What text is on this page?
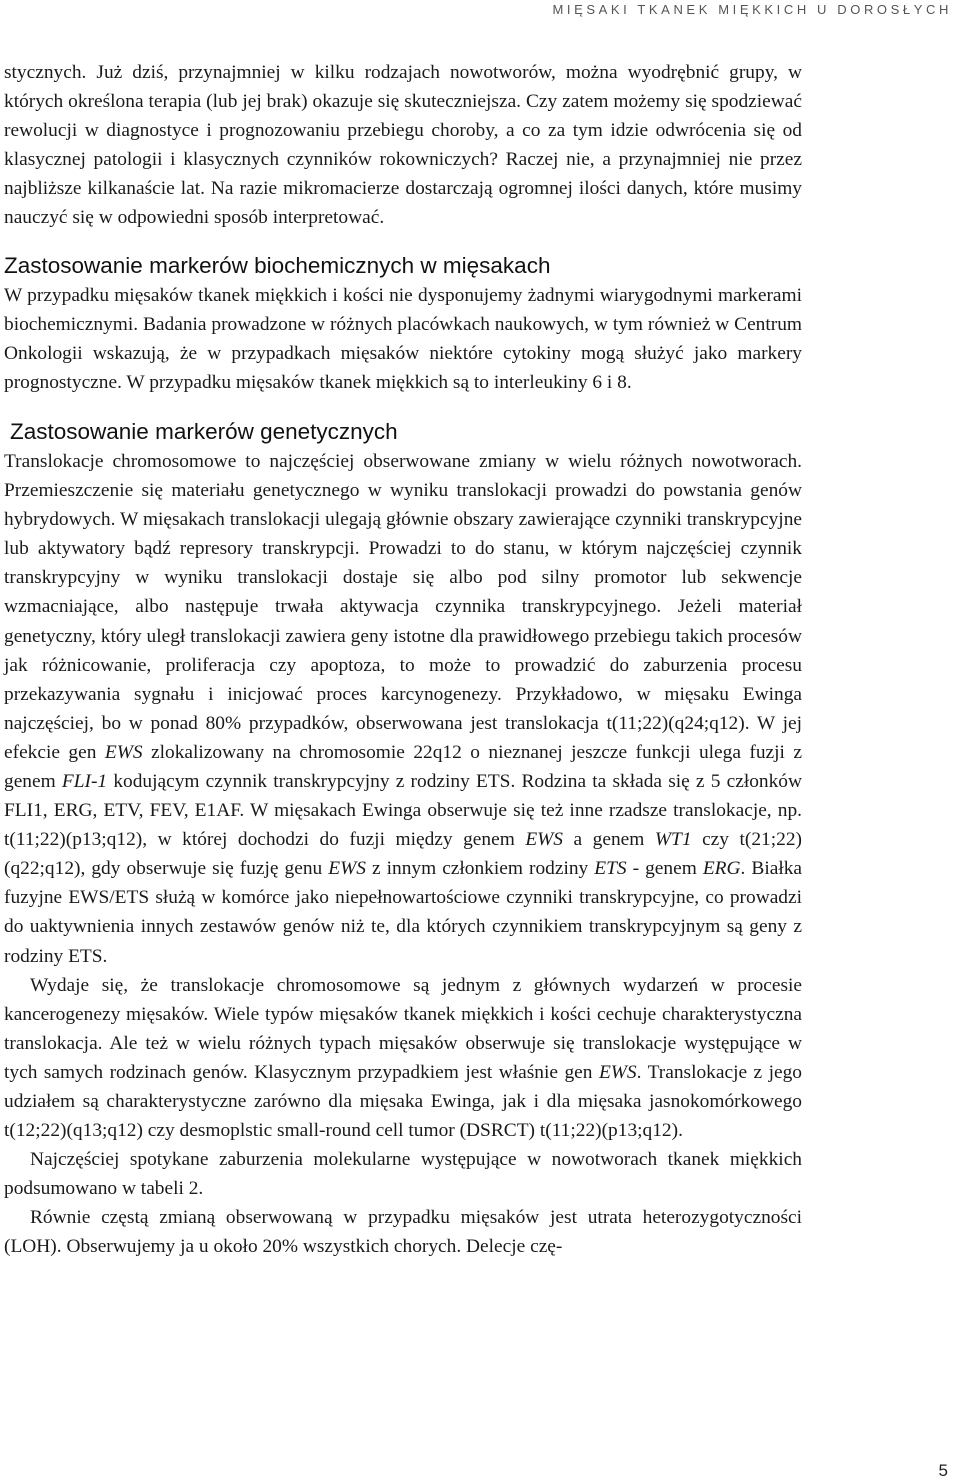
MIĘSAKI TKANEK MIĘKKICH U DOROSŁYCH

stycznych. Już dziś, przynajmniej w kilku rodzajach nowotworów, można wyodrębnić grupy, w których określona terapia (lub jej brak) okazuje się skuteczniejsza. Czy zatem możemy się spodziewać rewolucji w diagnostyce i prognozowaniu przebiegu choroby, a co za tym idzie odwrócenia się od klasycznej patologii i klasycznych czynników rokowniczych? Raczej nie, a przynajmniej nie przez najbliższe kilkanaście lat. Na razie mikromacierze dostarczają ogromnej ilości danych, które musimy nauczyć się w odpowiedni sposób interpretować.

Zastosowanie markerów biochemicznych w mięsakach

W przypadku mięsaków tkanek miękkich i kości nie dysponujemy żadnymi wiarygodnymi markerami biochemicznymi. Badania prowadzone w różnych placówkach naukowych, w tym również w Centrum Onkologii wskazują, że w przypadkach mięsaków niektóre cytokiny mogą służyć jako markery prognostyczne. W przypadku mięsaków tkanek miękkich są to interleukiny 6 i 8.

Zastosowanie markerów genetycznych

Translokacje chromosomowe to najczęściej obserwowane zmiany w wielu różnych nowotworach. Przemieszczenie się materiału genetycznego w wyniku translokacji prowadzi do powstania genów hybrydowych. W mięsakach translokacji ulegają głównie obszary zawierające czynniki transkrypcyjne lub aktywatory bądź represory transkrypcji. Prowadzi to do stanu, w którym najczęściej czynnik transkrypcyjny w wyniku translokacji dostaje się albo pod silny promotor lub sekwencje wzmacniające, albo następuje trwała aktywacja czynnika transkrypcyjnego. Jeżeli materiał genetyczny, który uległ translokacji zawiera geny istotne dla prawidłowego przebiegu takich procesów jak różnicowanie, proliferacja czy apoptoza, to może to prowadzić do zaburzenia procesu przekazywania sygnału i inicjować proces karcynogenezy. Przykładowo, w mięsaku Ewinga najczęściej, bo w ponad 80% przypadków, obserwowana jest translokacja t(11;22)(q24;q12). W jej efekcie gen EWS zlokalizowany na chromosomie 22q12 o nieznanej jeszcze funkcji ulega fuzji z genem FLI-1 kodującym czynnik transkrypcyjny z rodziny ETS. Rodzina ta składa się z 5 członków FLI1, ERG, ETV, FEV, E1AF. W mięsakach Ewinga obserwuje się też inne rzadsze translokacje, np. t(11;22)(p13;q12), w której dochodzi do fuzji między genem EWS a genem WT1 czy t(21;22)(q22;q12), gdy obserwuje się fuzję genu EWS z innym członkiem rodziny ETS - genem ERG. Białka fuzyjne EWS/ETS służą w komórce jako niepełnowartościowe czynniki transkrypcyjne, co prowadzi do uaktywnienia innych zestawów genów niż te, dla których czynnikiem transkrypcyjnym są geny z rodziny ETS.

Wydaje się, że translokacje chromosomowe są jednym z głównych wydarzeń w procesie kancerogenezy mięsaków. Wiele typów mięsaków tkanek miękkich i kości cechuje charakterystyczna translokacja. Ale też w wielu różnych typach mięsaków obserwuje się translokacje występujące w tych samych rodzinach genów. Klasycznym przypadkiem jest właśnie gen EWS. Translokacje z jego udziałem są charakterystyczne zarówno dla mięsaka Ewinga, jak i dla mięsaka jasnokomórkowego t(12;22)(q13;q12) czy desmoplstic small-round cell tumor (DSRCT) t(11;22)(p13;q12).

Najczęściej spotykane zaburzenia molekularne występujące w nowotworach tkanek miękkich podsumowano w tabeli 2.

Równie częstą zmianą obserwowaną w przypadku mięsaków jest utrata heterozygotyczności (LOH). Obserwujemy ja u około 20% wszystkich chorych. Delecje czę-

5
